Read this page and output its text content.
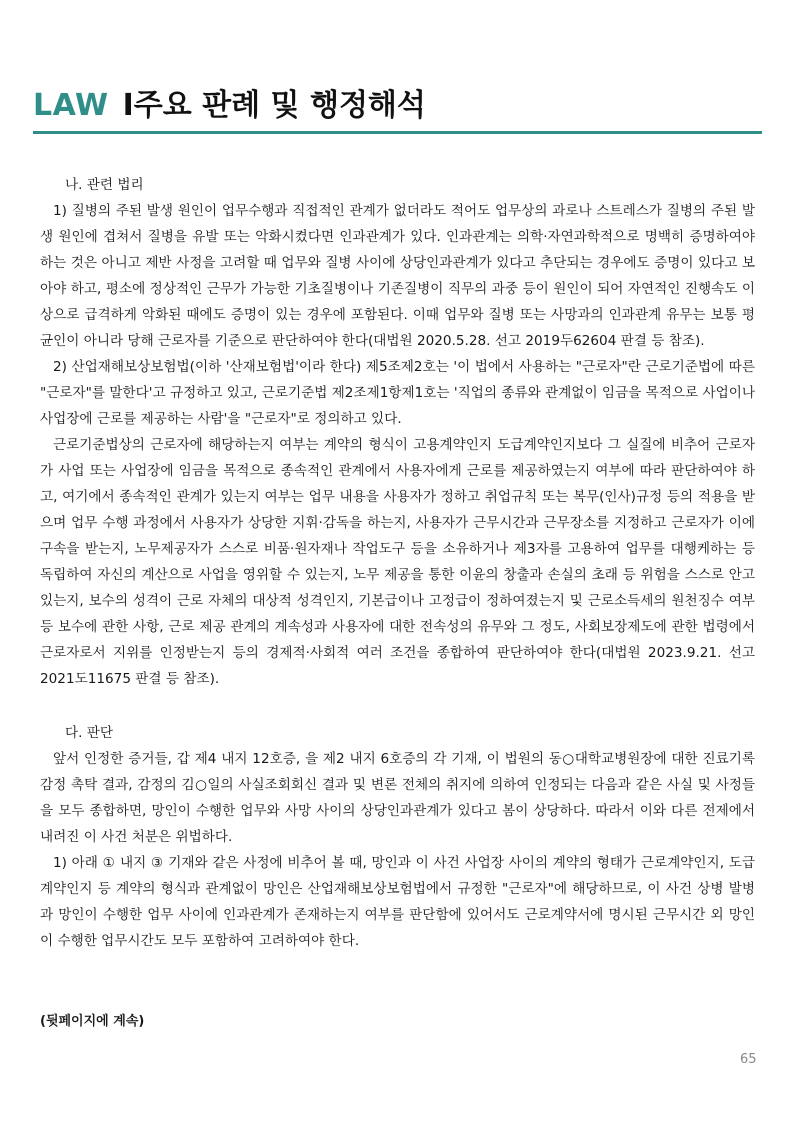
LAW Ⅰ주요 판례 및 행정해석

나. 관련 법리

1) 질병의 주된 발생 원인이 업무수행과 직접적인 관계가 없더라도 적어도 업무상의 과로나 스트레스가 질병의 주된 발생 원인에 겹쳐서 질병을 유발 또는 악화시켰다면 인과관계가 있다. 인과관계는 의학·자연과학적으로 명백히 증명하여야 하는 것은 아니고 제반 사정을 고려할 때 업무와 질병 사이에 상당인과관계가 있다고 추단되는 경우에도 증명이 있다고 보아야 하고, 평소에 정상적인 근무가 가능한 기초질병이나 기존질병이 직무의 과중 등이 원인이 되어 자연적인 진행속도 이상으로 급격하게 악화된 때에도 증명이 있는 경우에 포함된다. 이때 업무와 질병 또는 사망과의 인과관계 유무는 보통 평균인이 아니라 당해 근로자를 기준으로 판단하여야 한다(대법원 2020.5.28. 선고 2019두62604 판결 등 참조).

2) 산업재해보상보험법(이하 '산재보험법'이라 한다) 제5조제2호는 '이 법에서 사용하는 "근로자"란 근로기준법에 따른 "근로자"를 말한다'고 규정하고 있고, 근로기준법 제2조제1항제1호는 '직업의 종류와 관계없이 임금을 목적으로 사업이나 사업장에 근로를 제공하는 사람'을 "근로자"로 정의하고 있다.

근로기준법상의 근로자에 해당하는지 여부는 계약의 형식이 고용계약인지 도급계약인지보다 그 실질에 비추어 근로자가 사업 또는 사업장에 임금을 목적으로 종속적인 관계에서 사용자에게 근로를 제공하였는지 여부에 따라 판단하여야 하고, 여기에서 종속적인 관계가 있는지 여부는 업무 내용을 사용자가 정하고 취업규칙 또는 복무(인사)규정 등의 적용을 받으며 업무 수행 과정에서 사용자가 상당한 지휘·감독을 하는지, 사용자가 근무시간과 근무장소를 지정하고 근로자가 이에 구속을 받는지, 노무제공자가 스스로 비품·원자재나 작업도구 등을 소유하거나 제3자를 고용하여 업무를 대행케하는 등 독립하여 자신의 계산으로 사업을 영위할 수 있는지, 노무 제공을 통한 이윤의 창출과 손실의 초래 등 위험을 스스로 안고 있는지, 보수의 성격이 근로 자체의 대상적 성격인지, 기본급이나 고정급이 정하여졌는지 및 근로소득세의 원천징수 여부 등 보수에 관한 사항, 근로 제공 관계의 계속성과 사용자에 대한 전속성의 유무와 그 정도, 사회보장제도에 관한 법령에서 근로자로서 지위를 인정받는지 등의 경제적·사회적 여러 조건을 종합하여 판단하여야 한다(대법원 2023.9.21. 선고 2021도11675 판결 등 참조).

다. 판단

앞서 인정한 증거들, 갑 제4 내지 12호증, 을 제2 내지 6호증의 각 기재, 이 법원의 동○대학교병원장에 대한 진료기록감정 촉탁 결과, 감정의 김○일의 사실조회회신 결과 및 변론 전체의 취지에 의하여 인정되는 다음과 같은 사실 및 사정들을 모두 종합하면, 망인이 수행한 업무와 사망 사이의 상당인과관계가 있다고 봄이 상당하다. 따라서 이와 다른 전제에서 내려진 이 사건 처분은 위법하다.

1) 아래 ① 내지 ③ 기재와 같은 사정에 비추어 볼 때, 망인과 이 사건 사업장 사이의 계약의 형태가 근로계약인지, 도급계약인지 등 계약의 형식과 관계없이 망인은 산업재해보상보험법에서 규정한 "근로자"에 해당하므로, 이 사건 상병 발병과 망인이 수행한 업무 사이에 인과관계가 존재하는지 여부를 판단함에 있어서도 근로계약서에 명시된 근무시간 외 망인이 수행한 업무시간도 모두 포함하여 고려하여야 한다.

(뒷페이지에 계속)
65
